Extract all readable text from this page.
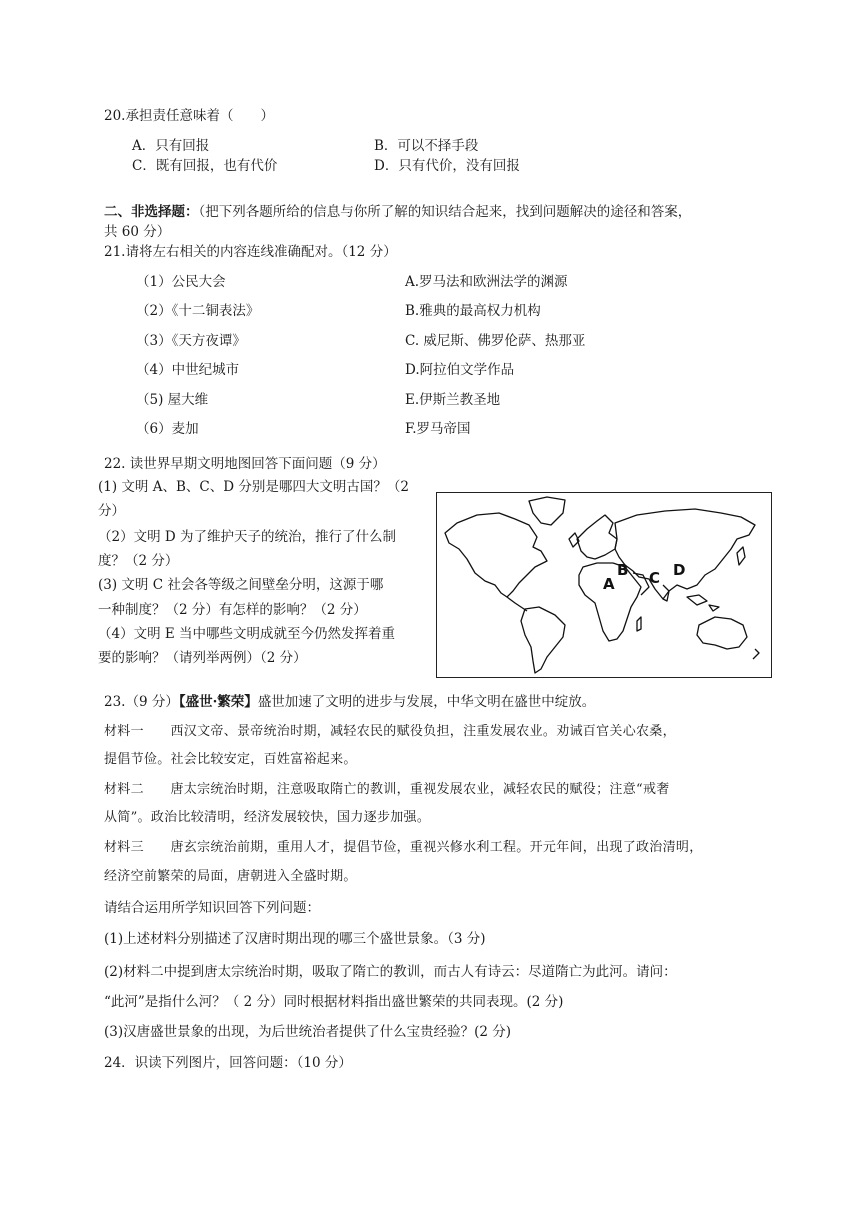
20.承担责任意味着（　　）
A．只有回报	B．可以不择手段
C．既有回报，也有代价	D．只有代价，没有回报
二、非选择题：（把下列各题所给的信息与你所了解的知识结合起来，找到问题解决的途径和答案，
共 60 分）
21.请将左右相关的内容连线准确配对。（12 分）
（1）公民大会
（2）《十二铜表法》
（3）《天方夜谭》
（4）中世纪城市
（5) 屋大维
（6）麦加
A.罗马法和欧洲法学的渊源
B.雅典的最高权力机构
C. 威尼斯、佛罗伦萨、热那亚
D.阿拉伯文学作品
E.伊斯兰教圣地
F.罗马帝国
22. 读世界早期文明地图回答下面问题（9 分）
(1) 文明 A、B、C、D 分别是哪四大文明古国？（2
分）
（2）文明 D 为了维护天子的统治，推行了什么制
度？（2 分）
(3) 文明 C 社会各等级之间壁垒分明，这源于哪
一种制度？（2 分）有怎样的影响？（2 分）
（4）文明 E 当中哪些文明成就至今仍然发挥着重
要的影响？（请列举两例）（2 分）
A
B C D
23.（9 分）【盛世·繁荣】盛世加速了文明的进步与发展，中华文明在盛世中绽放。
材料一　　西汉文帝、景帝统治时期，减轻农民的赋役负担，注重发展农业。劝诫百官关心农桑，
提倡节俭。社会比较安定，百姓富裕起来。
材料二　　唐太宗统治时期，注意吸取隋亡的教训，重视发展农业，减轻农民的赋役；注意“戒奢
从简”。政治比较清明，经济发展较快，国力逐步加强。
材料三　　唐玄宗统治前期，重用人才，提倡节俭，重视兴修水利工程。开元年间，出现了政治清明，
经济空前繁荣的局面，唐朝进入全盛时期。
请结合运用所学知识回答下列问题：
(1)上述材料分别描述了汉唐时期出现的哪三个盛世景象。（3 分)
(2)材料二中提到唐太宗统治时期，吸取了隋亡的教训，而古人有诗云：尽道隋亡为此河。请问：
“此河”是指什么河？（ 2 分）同时根据材料指出盛世繁荣的共同表现。(2 分)
(3)汉唐盛世景象的出现，为后世统治者提供了什么宝贵经验？(2 分)
24．识读下列图片，回答问题：（10 分）
